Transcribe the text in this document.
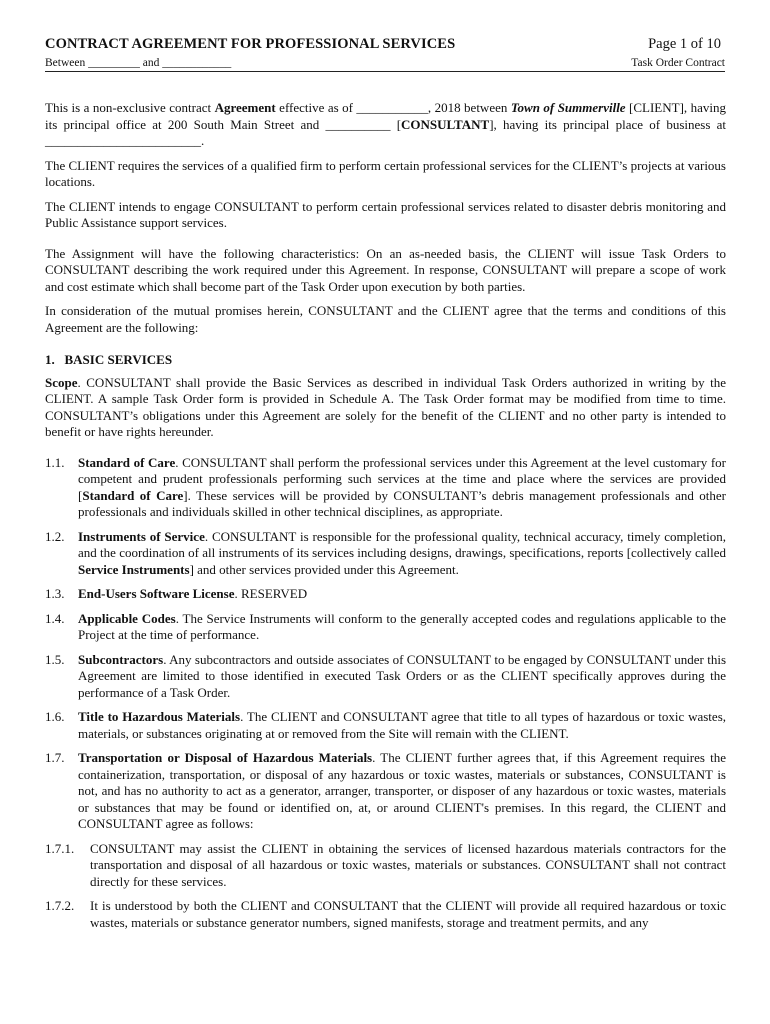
CONTRACT AGREEMENT FOR PROFESSIONAL SERVICES	Page 1 of 10
Between _________ and ____________	Task Order Contract

This is a non-exclusive contract Agreement effective as of ___________, 2018 between Town of Summerville [CLIENT], having its principal office at 200 South Main Street and __________ [CONSULTANT], having its principal place of business at ________________________.

The CLIENT requires the services of a qualified firm to perform certain professional services for the CLIENT’s projects at various locations.

The CLIENT intends to engage CONSULTANT to perform certain professional services related to disaster debris monitoring and Public Assistance support services.

The Assignment will have the following characteristics: On an as-needed basis, the CLIENT will issue Task Orders to CONSULTANT describing the work required under this Agreement. In response, CONSULTANT will prepare a scope of work and cost estimate which shall become part of the Task Order upon execution by both parties.

In consideration of the mutual promises herein, CONSULTANT and the CLIENT agree that the terms and conditions of this Agreement are the following:

1.   BASIC SERVICES

Scope. CONSULTANT shall provide the Basic Services as described in individual Task Orders authorized in writing by the CLIENT. A sample Task Order form is provided in Schedule A. The Task Order format may be modified from time to time. CONSULTANT’s obligations under this Agreement are solely for the benefit of the CLIENT and no other party is intended to benefit or have rights hereunder.

1.1.	Standard of Care. CONSULTANT shall perform the professional services under this Agreement at the level customary for competent and prudent professionals performing such services at the time and place where the services are provided [Standard of Care]. These services will be provided by CONSULTANT’s debris management professionals and other professionals and individuals skilled in other technical disciplines, as appropriate.
1.2.	Instruments of Service. CONSULTANT is responsible for the professional quality, technical accuracy, timely completion, and the coordination of all instruments of its services including designs, drawings, specifications, reports [collectively called Service Instruments] and other services provided under this Agreement.
1.3.	End-Users Software License. RESERVED
1.4.	Applicable Codes. The Service Instruments will conform to the generally accepted codes and regulations applicable to the Project at the time of performance.
1.5.	Subcontractors. Any subcontractors and outside associates of CONSULTANT to be engaged by CONSULTANT under this Agreement are limited to those identified in executed Task Orders or as the CLIENT specifically approves during the performance of a Task Order.
1.6.	Title to Hazardous Materials. The CLIENT and CONSULTANT agree that title to all types of hazardous or toxic wastes, materials, or substances originating at or removed from the Site will remain with the CLIENT.
1.7.	Transportation or Disposal of Hazardous Materials. The CLIENT further agrees that, if this Agreement requires the containerization, transportation, or disposal of any hazardous or toxic wastes, materials or substances, CONSULTANT is not, and has no authority to act as a generator, arranger, transporter, or disposer of any hazardous or toxic wastes, materials or substances that may be found or identified on, at, or around CLIENT's premises. In this regard, the CLIENT and CONSULTANT agree as follows:
1.7.1.	CONSULTANT may assist the CLIENT in obtaining the services of licensed hazardous materials contractors for the transportation and disposal of all hazardous or toxic wastes, materials or substances. CONSULTANT shall not contract directly for these services.
1.7.2.	It is understood by both the CLIENT and CONSULTANT that the CLIENT will provide all required hazardous or toxic wastes, materials or substance generator numbers, signed manifests, storage and treatment permits, and any
